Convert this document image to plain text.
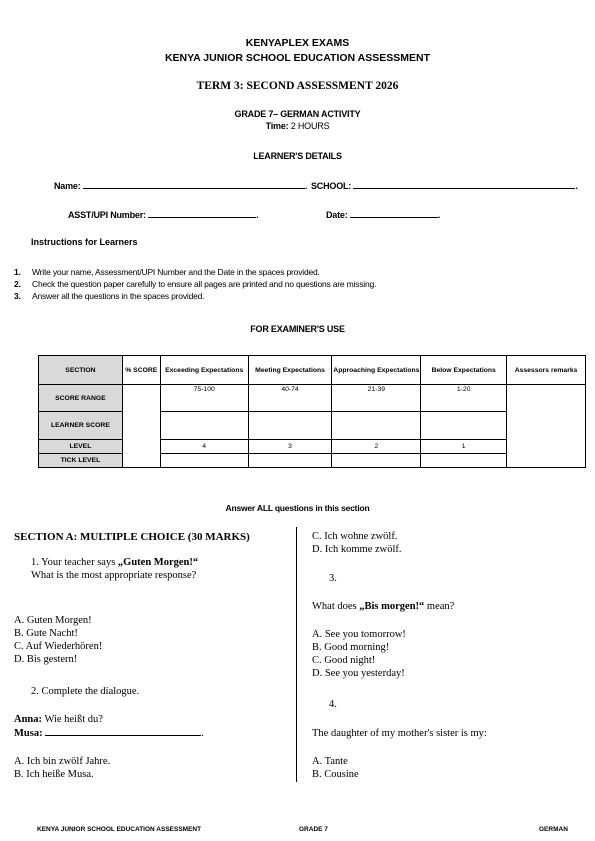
KENYAPLEX EXAMS
KENYA JUNIOR SCHOOL EDUCATION ASSESSMENT
TERM 3: SECOND ASSESSMENT 2026
GRADE 7– GERMAN ACTIVITY
Time: 2 HOURS
LEARNER'S DETAILS
Name:	. SCHOOL:	.
ASST/UPI Number:	.	Date:	.
Instructions for Learners
1. Write your name, Assessment/UPI Number and the Date in the spaces provided.
2. Check the question paper carefully to ensure all pages are printed and no questions are missing.
3. Answer all the questions in the spaces provided.
FOR EXAMINER'S USE
SECTION	% SCORE	Exceeding Expectations	Meeting Expectations	Approaching Expectations	Below Expectations	Assessors remarks
SCORE RANGE		75-100	40-74	21-39	1-20	
LEARNER SCORE						
LEVEL		4	3	2	1	
TICK LEVEL						
Answer ALL questions in this section
SECTION A: MULTIPLE CHOICE (30 MARKS)
1. Your teacher says „Guten Morgen!“ What is the most appropriate response?
A. Guten Morgen!
B. Gute Nacht!
C. Auf Wiederhören!
D. Bis gestern!
2. Complete the dialogue.
Anna: Wie heißt du?
Musa:	.
A. Ich bin zwölf Jahre.
B. Ich heiße Musa.
C. Ich wohne zwölf.
D. Ich komme zwölf.
3.
What does „Bis morgen!“ mean?
A. See you tomorrow!
B. Good morning!
C. Good night!
D. See you yesterday!
4.
The daughter of my mother's sister is my:
A. Tante
B. Cousine
KENYA JUNIOR SCHOOL EDUCATION ASSESSMENT	GRADE 7	GERMAN
